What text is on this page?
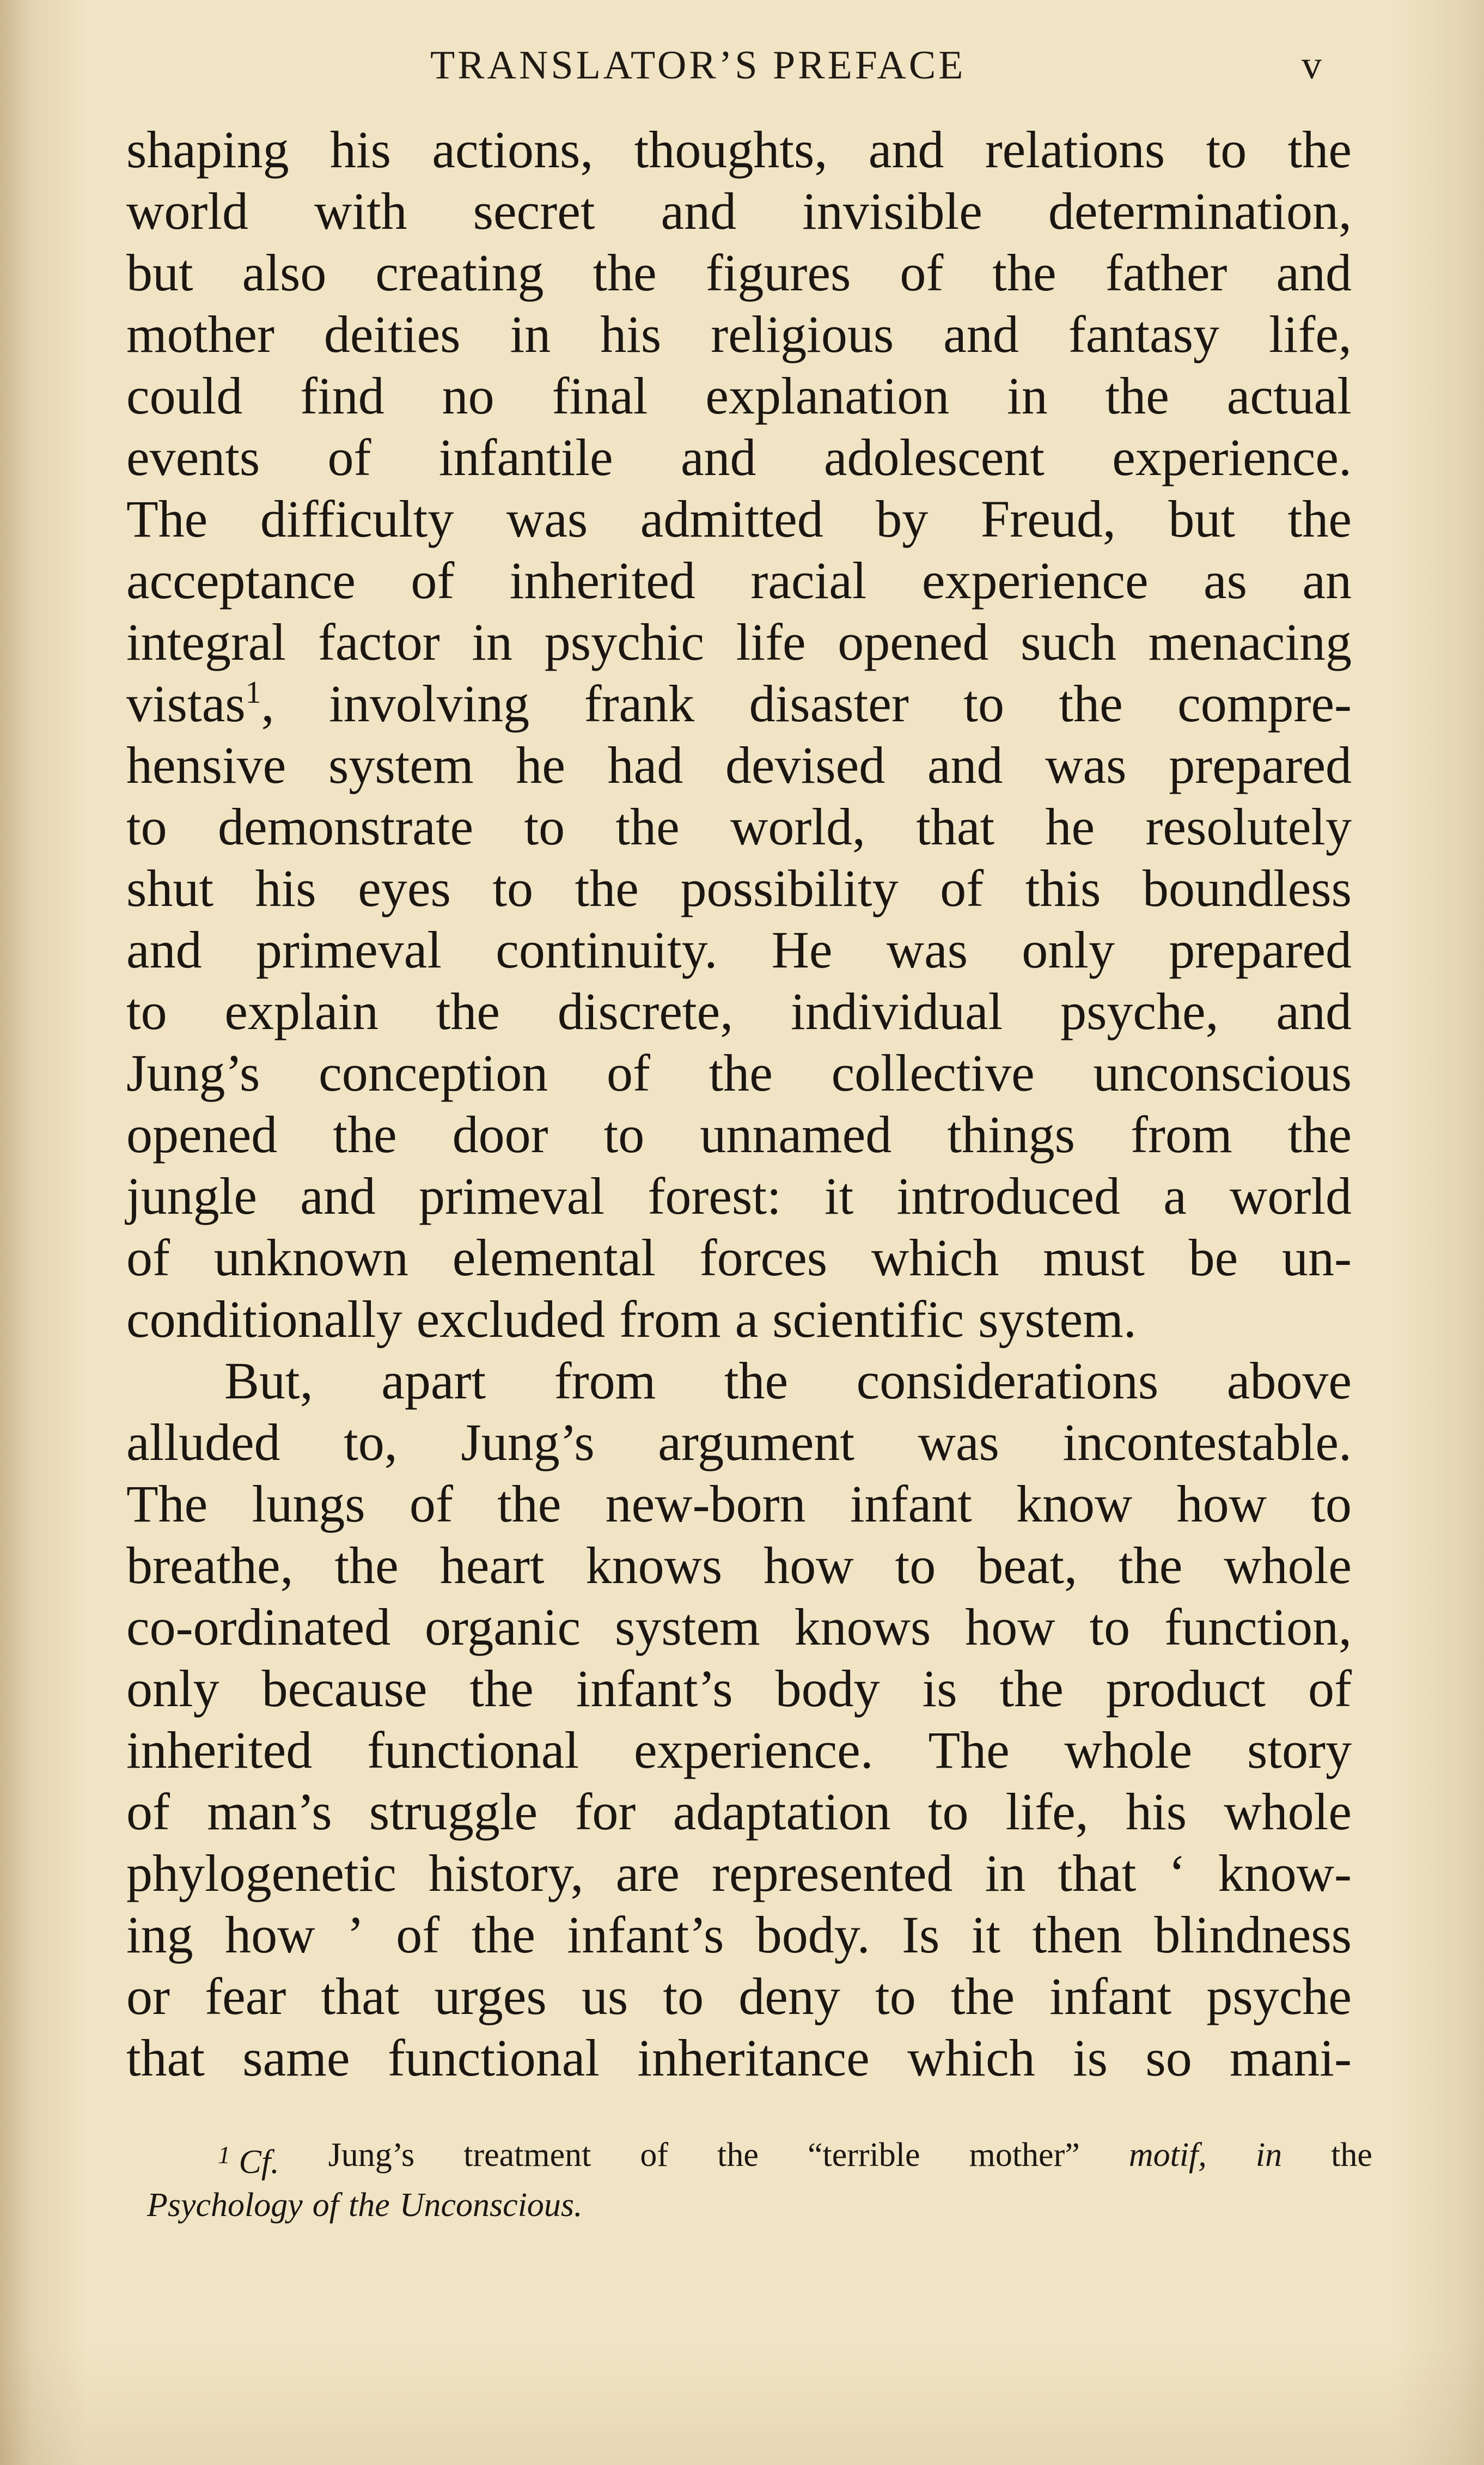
TRANSLATOR’S PREFACE	v
shaping his actions, thoughts, and relations to the
world with secret and invisible determination,
but also creating the figures of the father and
mother deities in his religious and fantasy life,
could find no final explanation in the actual
events of infantile and adolescent experience.
The difficulty was admitted by Freud, but the
acceptance of inherited racial experience as an
integral factor in psychic life opened such menacing
vistas$^1$, involving frank disaster to the compre-
hensive system he had devised and was prepared
to demonstrate to the world, that he resolutely
shut his eyes to the possibility of this boundless
and primeval continuity. He was only prepared
to explain the discrete, individual psyche, and
Jung’s conception of the collective unconscious
opened the door to unnamed things from the
jungle and primeval forest: it introduced a world
of unknown elemental forces which must be un-
conditionally excluded from a scientific system.
But, apart from the considerations above
alluded to, Jung’s argument was incontestable.
The lungs of the new-born infant know how to
breathe, the heart knows how to beat, the whole
co-ordinated organic system knows how to function,
only because the infant’s body is the product of
inherited functional experience. The whole story
of man’s struggle for adaptation to life, his whole
phylogenetic history, are represented in that ‘ know-
ing how ’ of the infant’s body. Is it then blindness
or fear that urges us to deny to the infant psyche
that same functional inheritance which is so mani-
$^1$ Cf. Jung’s treatment of the “terrible mother” motif, in the
Psychology of the Unconscious.
